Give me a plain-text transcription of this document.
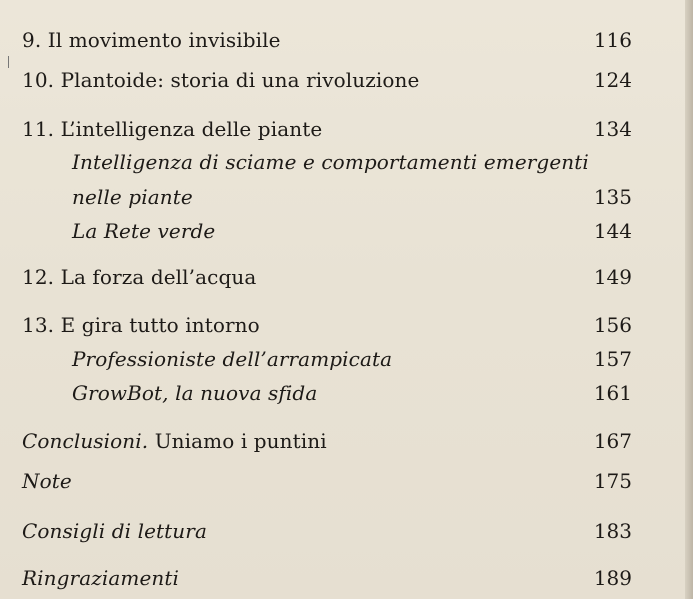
9. Il movimento invisibile	116
10. Plantoide: storia di una rivoluzione	124
11. L’intelligenza delle piante	134
Intelligenza di sciame e comportamenti emergenti
nelle piante	135
La Rete verde	144
12. La forza dell’acqua	149
13. E gira tutto intorno	156
Professioniste dell’arrampicata	157
GrowBot, la nuova sfida	161
Conclusioni. Uniamo i puntini	167
Note	175
Consigli di lettura	183
Ringraziamenti	189
